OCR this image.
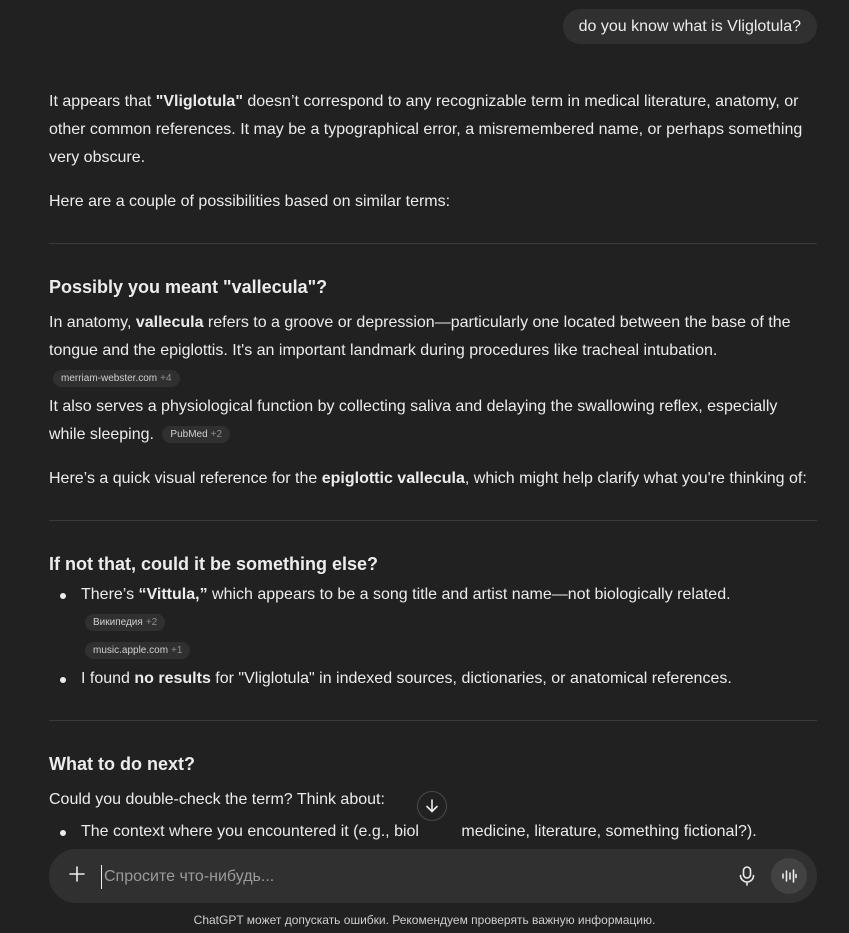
do you know what is Vliglotula?

It appears that "Vliglotula" doesn’t correspond to any recognizable term in medical literature, anatomy, or other common references. It may be a typographical error, a misremembered name, or perhaps something very obscure.

Here are a couple of possibilities based on similar terms:

Possibly you meant "vallecula"?

In anatomy, vallecula refers to a groove or depression—particularly one located between the base of the tongue and the epiglottis. It's an important landmark during procedures like tracheal intubation.
merriam-webster.com +4

It also serves a physiological function by collecting saliva and delaying the swallowing reflex, especially while sleeping. PubMed +2

Here’s a quick visual reference for the epiglottic vallecula, which might help clarify what you're thinking of:

If not that, could it be something else?
There’s “Vittula,” which appears to be a song title and artist name—not biologically related. Википедия +2
music.apple.com +1
I found no results for "Vliglotula" in indexed sources, dictionaries, or anatomical references.
What to do next?

Could you double-check the term? Think about:

The context where you encountered it (e.g., biol medicine, literature, something fictional?).
Спросите что-нибудь...
ChatGPT может допускать ошибки. Рекомендуем проверять важную информацию.
